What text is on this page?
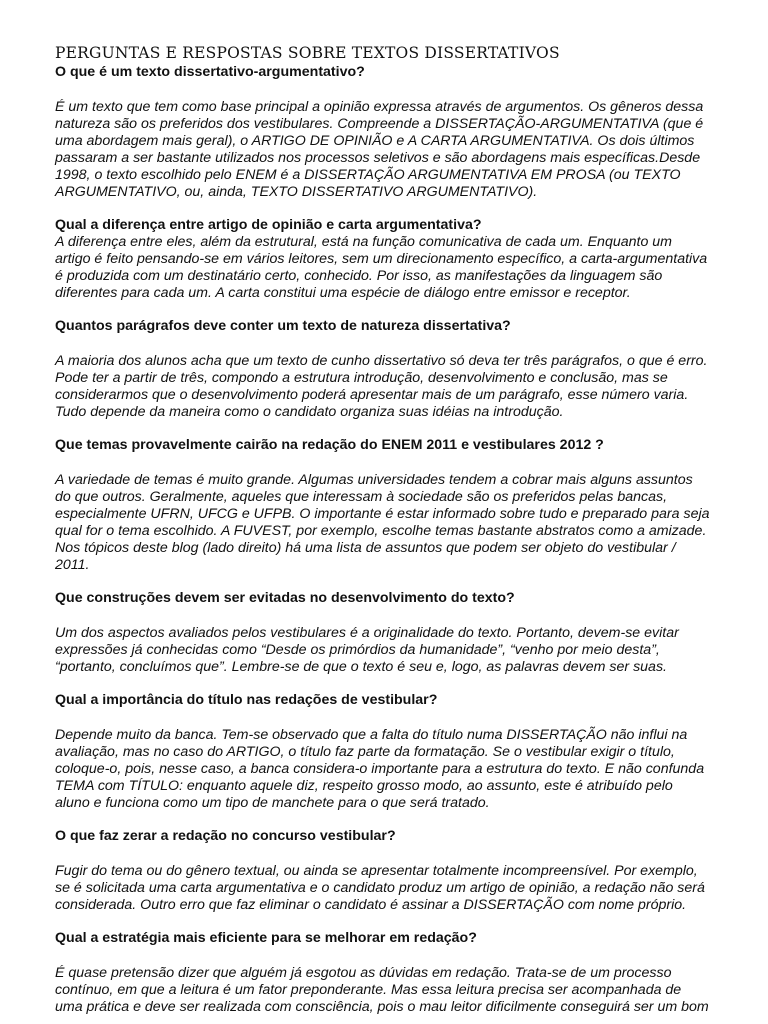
PERGUNTAS E RESPOSTAS SOBRE TEXTOS DISSERTATIVOS

O que é um texto dissertativo-argumentativo?

É um texto que tem como base principal a opinião expressa através de argumentos. Os gêneros dessa
natureza são os preferidos dos vestibulares. Compreende a DISSERTAÇÃO-ARGUMENTATIVA (que é
uma abordagem mais geral), o ARTIGO DE OPINIÃO e A CARTA ARGUMENTATIVA. Os dois últimos
passaram a ser bastante utilizados nos processos seletivos e são abordagens mais específicas.Desde
1998, o texto escolhido pelo ENEM é a DISSERTAÇÃO ARGUMENTATIVA EM PROSA (ou TEXTO
ARGUMENTATIVO, ou, ainda, TEXTO DISSERTATIVO ARGUMENTATIVO).

Qual a diferença entre artigo de opinião e carta argumentativa?

A diferença entre eles, além da estrutural, está na função comunicativa de cada um. Enquanto um
artigo é feito pensando-se em vários leitores, sem um direcionamento específico, a carta-argumentativa
é produzida com um destinatário certo, conhecido. Por isso, as manifestações da linguagem são
diferentes para cada um. A carta constitui uma espécie de diálogo entre emissor e receptor.

Quantos parágrafos deve conter um texto de natureza dissertativa?

A maioria dos alunos acha que um texto de cunho dissertativo só deva ter três parágrafos, o que é erro.
Pode ter a partir de três, compondo a estrutura introdução, desenvolvimento e conclusão, mas se
considerarmos que o desenvolvimento poderá apresentar mais de um parágrafo, esse número varia.
Tudo depende da maneira como o candidato organiza suas idéias na introdução.

Que temas provavelmente cairão na redação do ENEM 2011 e vestibulares 2012 ?

A variedade de temas é muito grande. Algumas universidades tendem a cobrar mais alguns assuntos
do que outros. Geralmente, aqueles que interessam à sociedade são os preferidos pelas bancas,
especialmente UFRN, UFCG e UFPB. O importante é estar informado sobre tudo e preparado para seja
qual for o tema escolhido. A FUVEST, por exemplo, escolhe temas bastante abstratos como a amizade.
Nos tópicos deste blog (lado direito) há uma lista de assuntos que podem ser objeto do vestibular /
2011.

Que construções devem ser evitadas no desenvolvimento do texto?

Um dos aspectos avaliados pelos vestibulares é a originalidade do texto. Portanto, devem-se evitar
expressões já conhecidas como “Desde os primórdios da humanidade”, “venho por meio desta”,
“portanto, concluímos que”. Lembre-se de que o texto é seu e, logo, as palavras devem ser suas.

Qual a importância do título nas redações de vestibular?

Depende muito da banca. Tem-se observado que a falta do título numa DISSERTAÇÃO não influi na
avaliação, mas no caso do ARTIGO, o título faz parte da formatação. Se o vestibular exigir o título,
coloque-o, pois, nesse caso, a banca considera-o importante para a estrutura do texto. E não confunda
TEMA com TÍTULO: enquanto aquele diz, respeito grosso modo, ao assunto, este é atribuído pelo
aluno e funciona como um tipo de manchete para o que será tratado.

O que faz zerar a redação no concurso vestibular?

Fugir do tema ou do gênero textual, ou ainda se apresentar totalmente incompreensível. Por exemplo,
se é solicitada uma carta argumentativa e o candidato produz um artigo de opinião, a redação não será
considerada. Outro erro que faz eliminar o candidato é assinar a DISSERTAÇÃO com nome próprio.

Qual a estratégia mais eficiente para se melhorar em redação?

É quase pretensão dizer que alguém já esgotou as dúvidas em redação. Trata-se de um processo
contínuo, em que a leitura é um fator preponderante. Mas essa leitura precisa ser acompanhada de
uma prática e deve ser realizada com consciência, pois o mau leitor dificilmente conseguirá ser um bom
